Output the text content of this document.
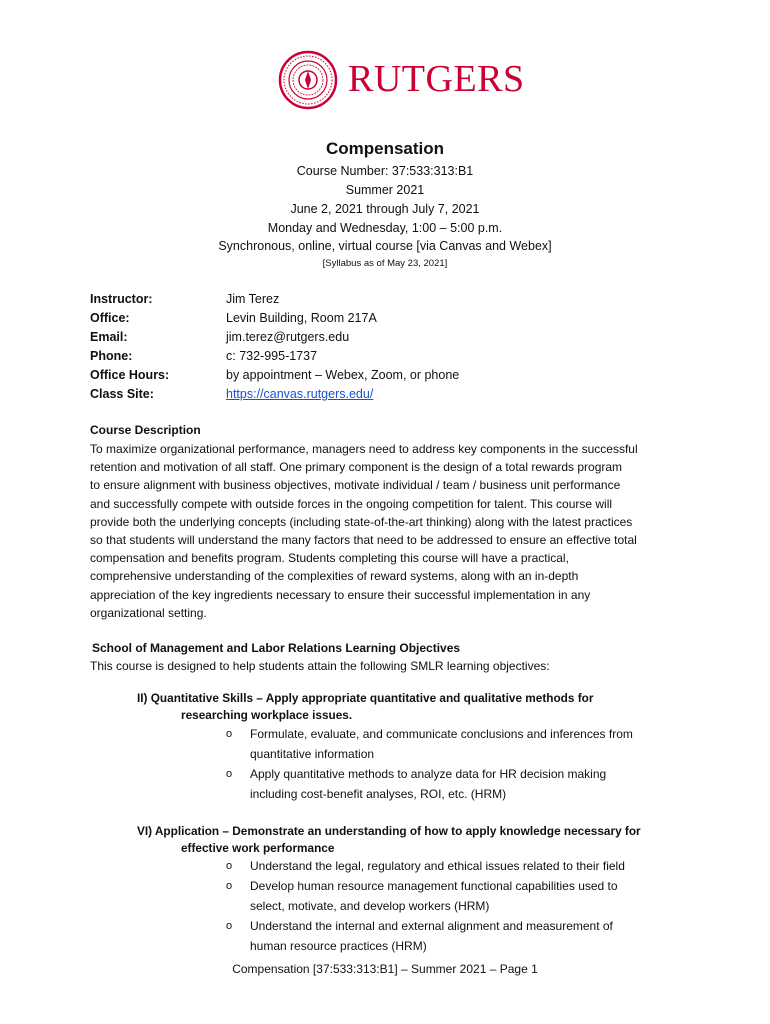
RUTGERS
Compensation
Course Number: 37:533:313:B1
Summer 2021
June 2, 2021 through July 7, 2021
Monday and Wednesday, 1:00 – 5:00 p.m.
Synchronous, online, virtual course [via Canvas and Webex]
[Syllabus as of May 23, 2021]
Instructor:	Jim Terez
Office:	Levin Building, Room 217A
Email:	jim.terez@rutgers.edu
Phone:	c: 732-995-1737
Office Hours:	by appointment – Webex, Zoom, or phone
Class Site:	https://canvas.rutgers.edu/
Course Description
To maximize organizational performance, managers need to address key components in the successful
retention and motivation of all staff. One primary component is the design of a total rewards program
to ensure alignment with business objectives, motivate individual / team / business unit performance
and successfully compete with outside forces in the ongoing competition for talent. This course will
provide both the underlying concepts (including state-of-the-art thinking) along with the latest practices
so that students will understand the many factors that need to be addressed to ensure an effective total
compensation and benefits program. Students completing this course will have a practical,
comprehensive understanding of the complexities of reward systems, along with an in-depth
appreciation of the key ingredients necessary to ensure their successful implementation in any
organizational setting.
School of Management and Labor Relations Learning Objectives
This course is designed to help students attain the following SMLR learning objectives:
II) Quantitative Skills – Apply appropriate quantitative and qualitative methods for
researching workplace issues.
o Formulate, evaluate, and communicate conclusions and inferences from
quantitative information
o Apply quantitative methods to analyze data for HR decision making
including cost-benefit analyses, ROI, etc. (HRM)
VI) Application – Demonstrate an understanding of how to apply knowledge necessary for
effective work performance
o Understand the legal, regulatory and ethical issues related to their field
o Develop human resource management functional capabilities used to
select, motivate, and develop workers (HRM)
o Understand the internal and external alignment and measurement of
human resource practices (HRM)
Compensation [37:533:313:B1] – Summer 2021 – Page 1
